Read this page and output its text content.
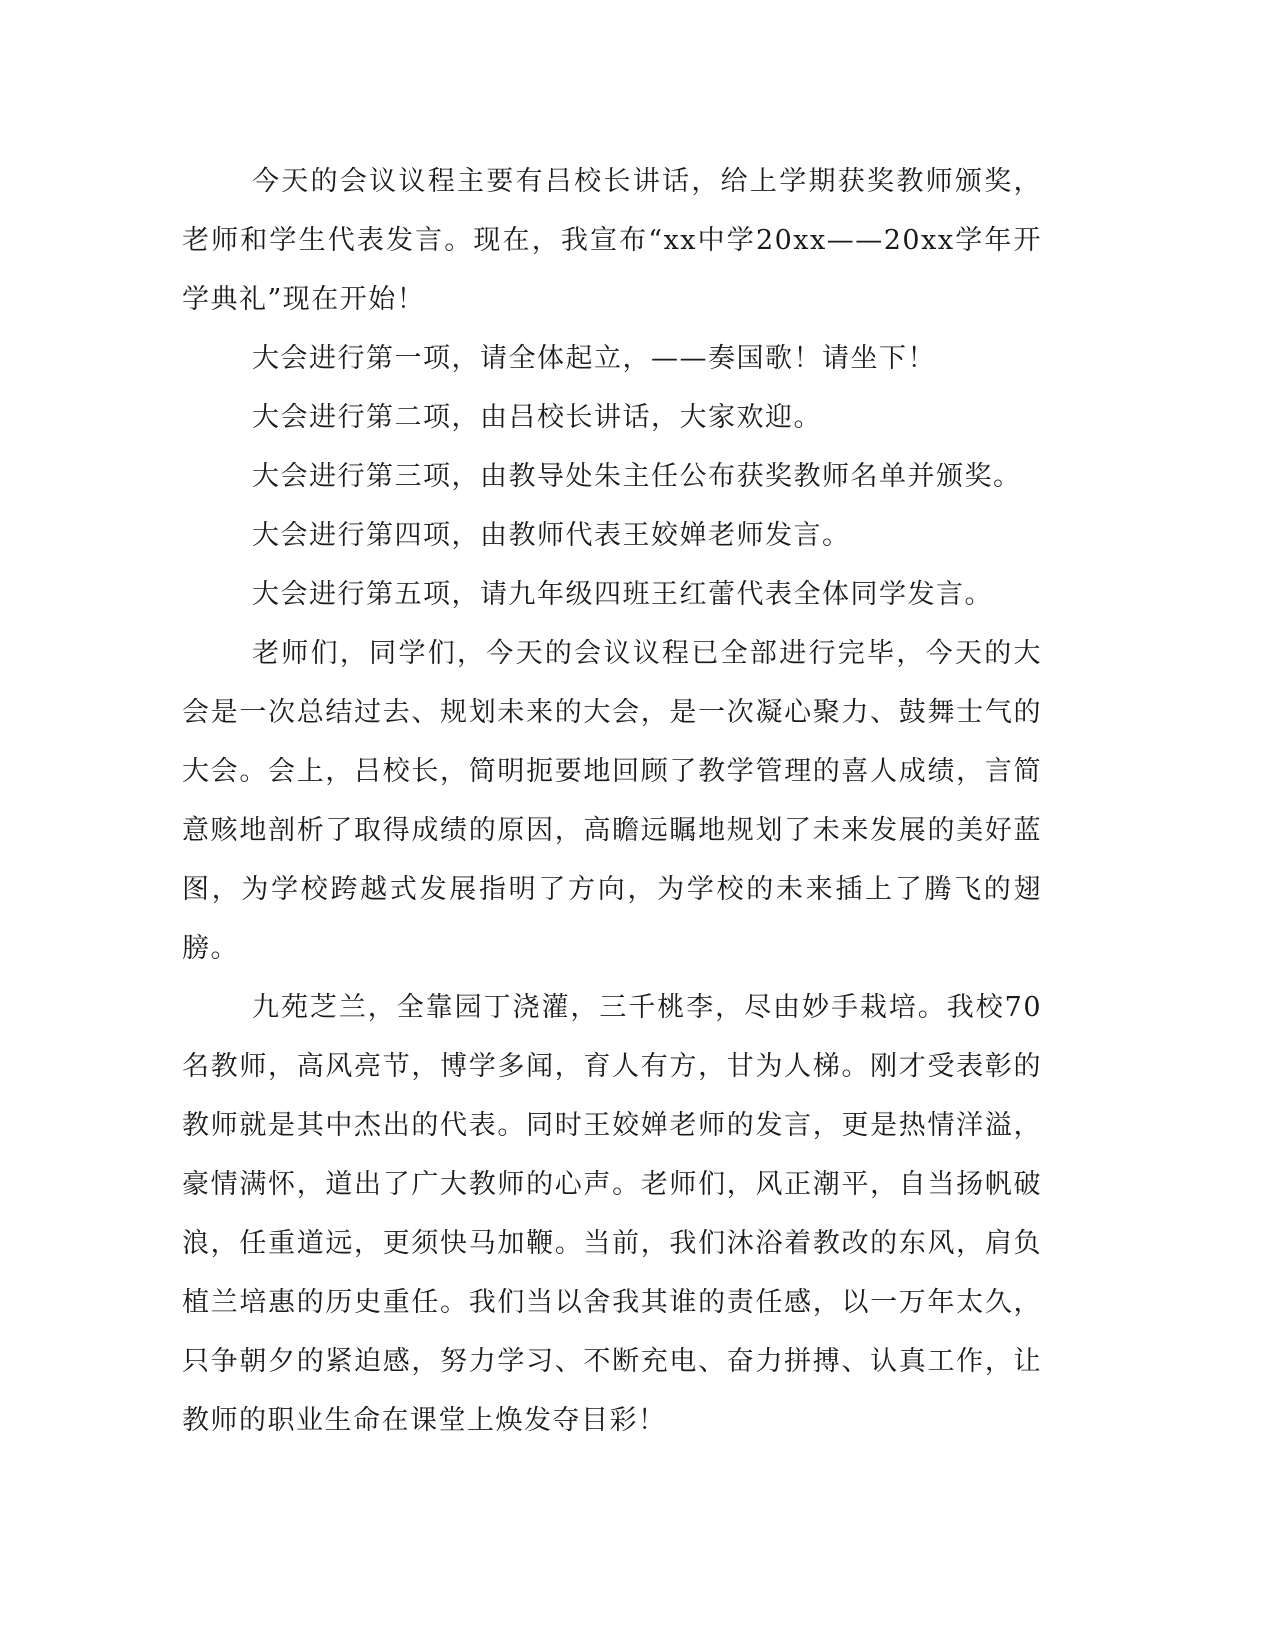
今天的会议议程主要有吕校长讲话，给上学期获奖教师颁奖，老师和学生代表发言。现在，我宣布“xx中学20xx——20xx学年开学典礼”现在开始！

大会进行第一项，请全体起立，——奏国歌！请坐下！

大会进行第二项，由吕校长讲话，大家欢迎。

大会进行第三项，由教导处朱主任公布获奖教师名单并颁奖。

大会进行第四项，由教师代表王姣婵老师发言。

大会进行第五项，请九年级四班王红蕾代表全体同学发言。

老师们，同学们，今天的会议议程已全部进行完毕，今天的大会是一次总结过去、规划未来的大会，是一次凝心聚力、鼓舞士气的大会。会上，吕校长，简明扼要地回顾了教学管理的喜人成绩，言简意赅地剖析了取得成绩的原因，高瞻远瞩地规划了未来发展的美好蓝图，为学校跨越式发展指明了方向，为学校的未来插上了腾飞的翅膀。

九苑芝兰，全靠园丁浇灌，三千桃李，尽由妙手栽培。我校70名教师，高风亮节，博学多闻，育人有方，甘为人梯。刚才受表彰的教师就是其中杰出的代表。同时王姣婵老师的发言，更是热情洋溢，豪情满怀，道出了广大教师的心声。老师们，风正潮平，自当扬帆破浪，任重道远，更须快马加鞭。当前，我们沐浴着教改的东风，肩负植兰培惠的历史重任。我们当以舍我其谁的责任感，以一万年太久，只争朝夕的紧迫感，努力学习、不断充电、奋力拼搏、认真工作，让教师的职业生命在课堂上焕发夺目彩！
